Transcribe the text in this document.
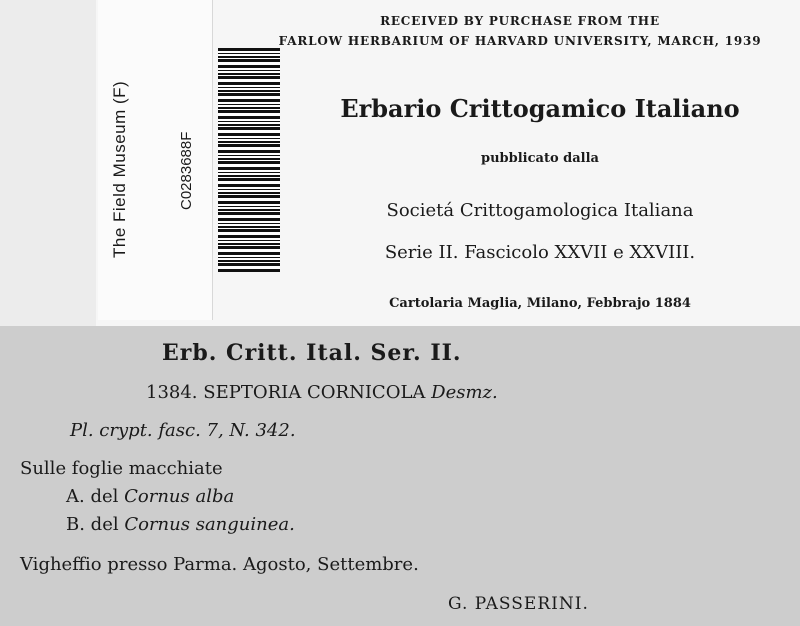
The Field Museum (F)	C0283688F
RECEIVED BY PURCHASE FROM THE
FARLOW HERBARIUM OF HARVARD UNIVERSITY, MARCH, 1939
Erbario Crittogamico Italiano
pubblicato dalla
Societá Crittogamologica Italiana
Serie II. Fascicolo XXVII e XXVIII.
Cartolaria Maglia, Milano, Febbrajo 1884
Erb. Critt. Ital. Ser. II.
1384. SEPTORIA CORNICOLA Desmz.
Pl. crypt. fasc. 7, N. 342.
Sulle foglie macchiate
A. del Cornus alba
B. del Cornus sanguinea.
Vigheffio presso Parma. Agosto, Settembre.
G. PASSERINI.
